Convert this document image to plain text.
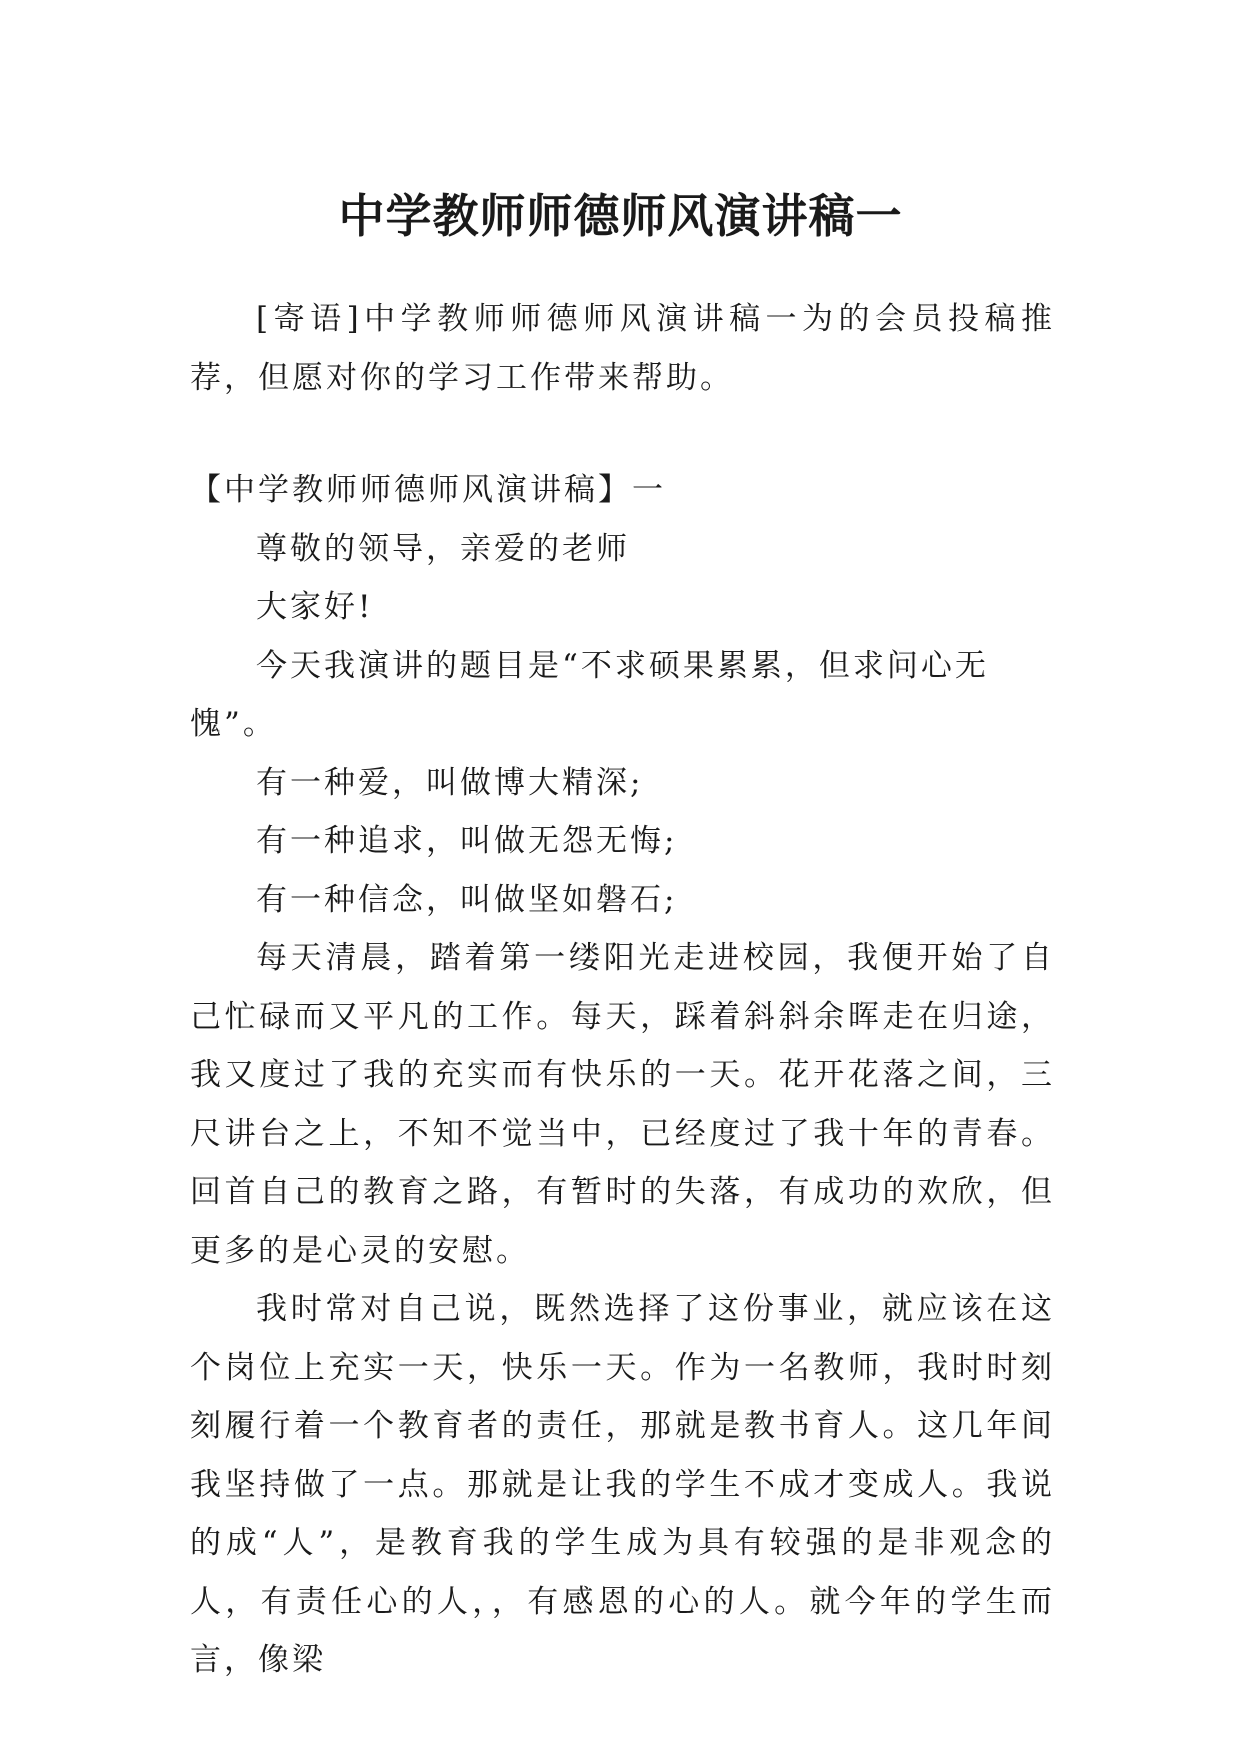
中学教师师德师风演讲稿一

[寄语]中学教师师德师风演讲稿一为的会员投稿推荐，但愿对你的学习工作带来帮助。

【中学教师师德师风演讲稿】一

尊敬的领导，亲爱的老师

大家好!

今天我演讲的题目是“不求硕果累累，但求问心无愧”。

有一种爱，叫做博大精深;

有一种追求，叫做无怨无悔;

有一种信念，叫做坚如磐石;

每天清晨，踏着第一缕阳光走进校园，我便开始了自己忙碌而又平凡的工作。每天，踩着斜斜余晖走在归途，我又度过了我的充实而有快乐的一天。花开花落之间，三尺讲台之上，不知不觉当中，已经度过了我十年的青春。回首自己的教育之路，有暂时的失落，有成功的欢欣，但更多的是心灵的安慰。

我时常对自己说，既然选择了这份事业，就应该在这个岗位上充实一天，快乐一天。作为一名教师，我时时刻刻履行着一个教育者的责任，那就是教书育人。这几年间我坚持做了一点。那就是让我的学生不成才变成人。我说的成“人”，是教育我的学生成为具有较强的是非观念的人，有责任心的人，，有感恩的心的人。就今年的学生而言，像梁
